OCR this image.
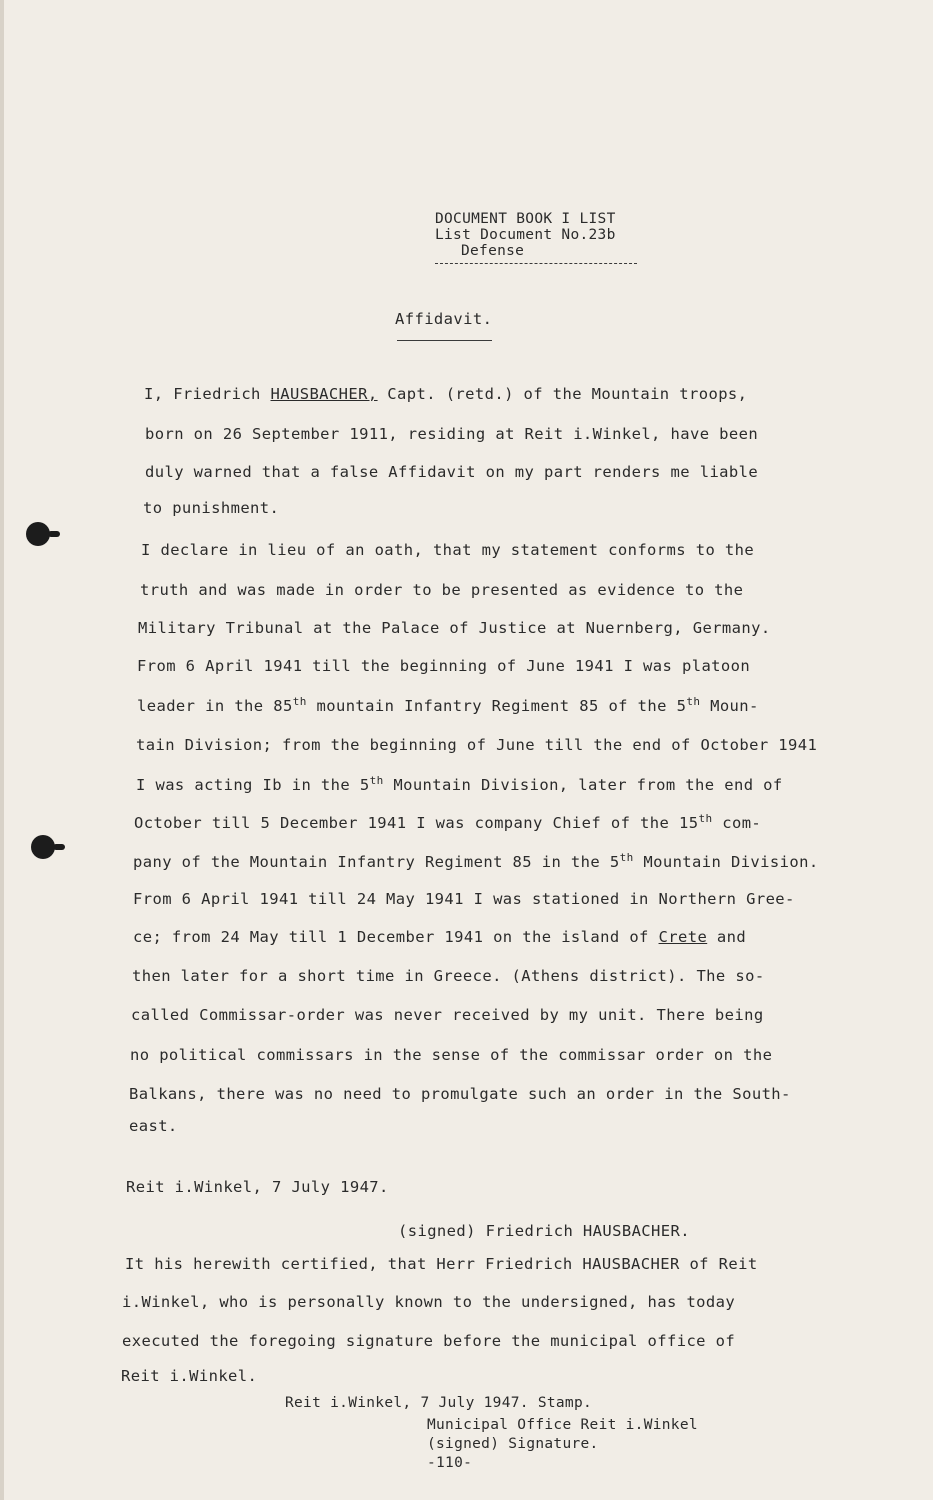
DOCUMENT BOOK I LIST
List Document No.23b
Defense
Affidavit.
I, Friedrich HAUSBACHER, Capt. (retd.) of the Mountain troops,
born on 26 September 1911, residing at Reit i.Winkel, have been
duly warned that a false Affidavit on my part renders me liable
to punishment.
I declare in lieu of an oath, that my statement conforms to the
truth and was made in order to be presented as evidence to the
Military Tribunal at the Palace of Justice at Nuernberg, Germany.
From 6 April 1941 till the beginning of June 1941 I was platoon
leader in the 85th mountain Infantry Regiment 85 of the 5th Moun-
tain Division; from the beginning of June till the end of October 1941
I was acting Ib in the 5th Mountain Division, later from the end of
October till 5 December 1941 I was company Chief of the 15th com-
pany of the Mountain Infantry Regiment 85 in the 5th Mountain Division.
From 6 April 1941 till 24 May 1941 I was stationed in Northern Gree-
ce; from 24 May till 1 December 1941 on the island of Crete and
then later for a short time in Greece. (Athens district). The so-
called Commissar-order was never received by my unit. There being
no political commissars in the sense of the commissar order on the
Balkans, there was no need to promulgate such an order in the South-
east.
Reit i.Winkel, 7 July 1947.
(signed) Friedrich HAUSBACHER.
It his herewith certified, that Herr Friedrich HAUSBACHER of Reit
i.Winkel, who is personally known to the undersigned, has today
executed the foregoing signature before the municipal office of
Reit i.Winkel.
Reit i.Winkel, 7 July 1947. Stamp.
Municipal Office Reit i.Winkel
(signed) Signature.
-110-
